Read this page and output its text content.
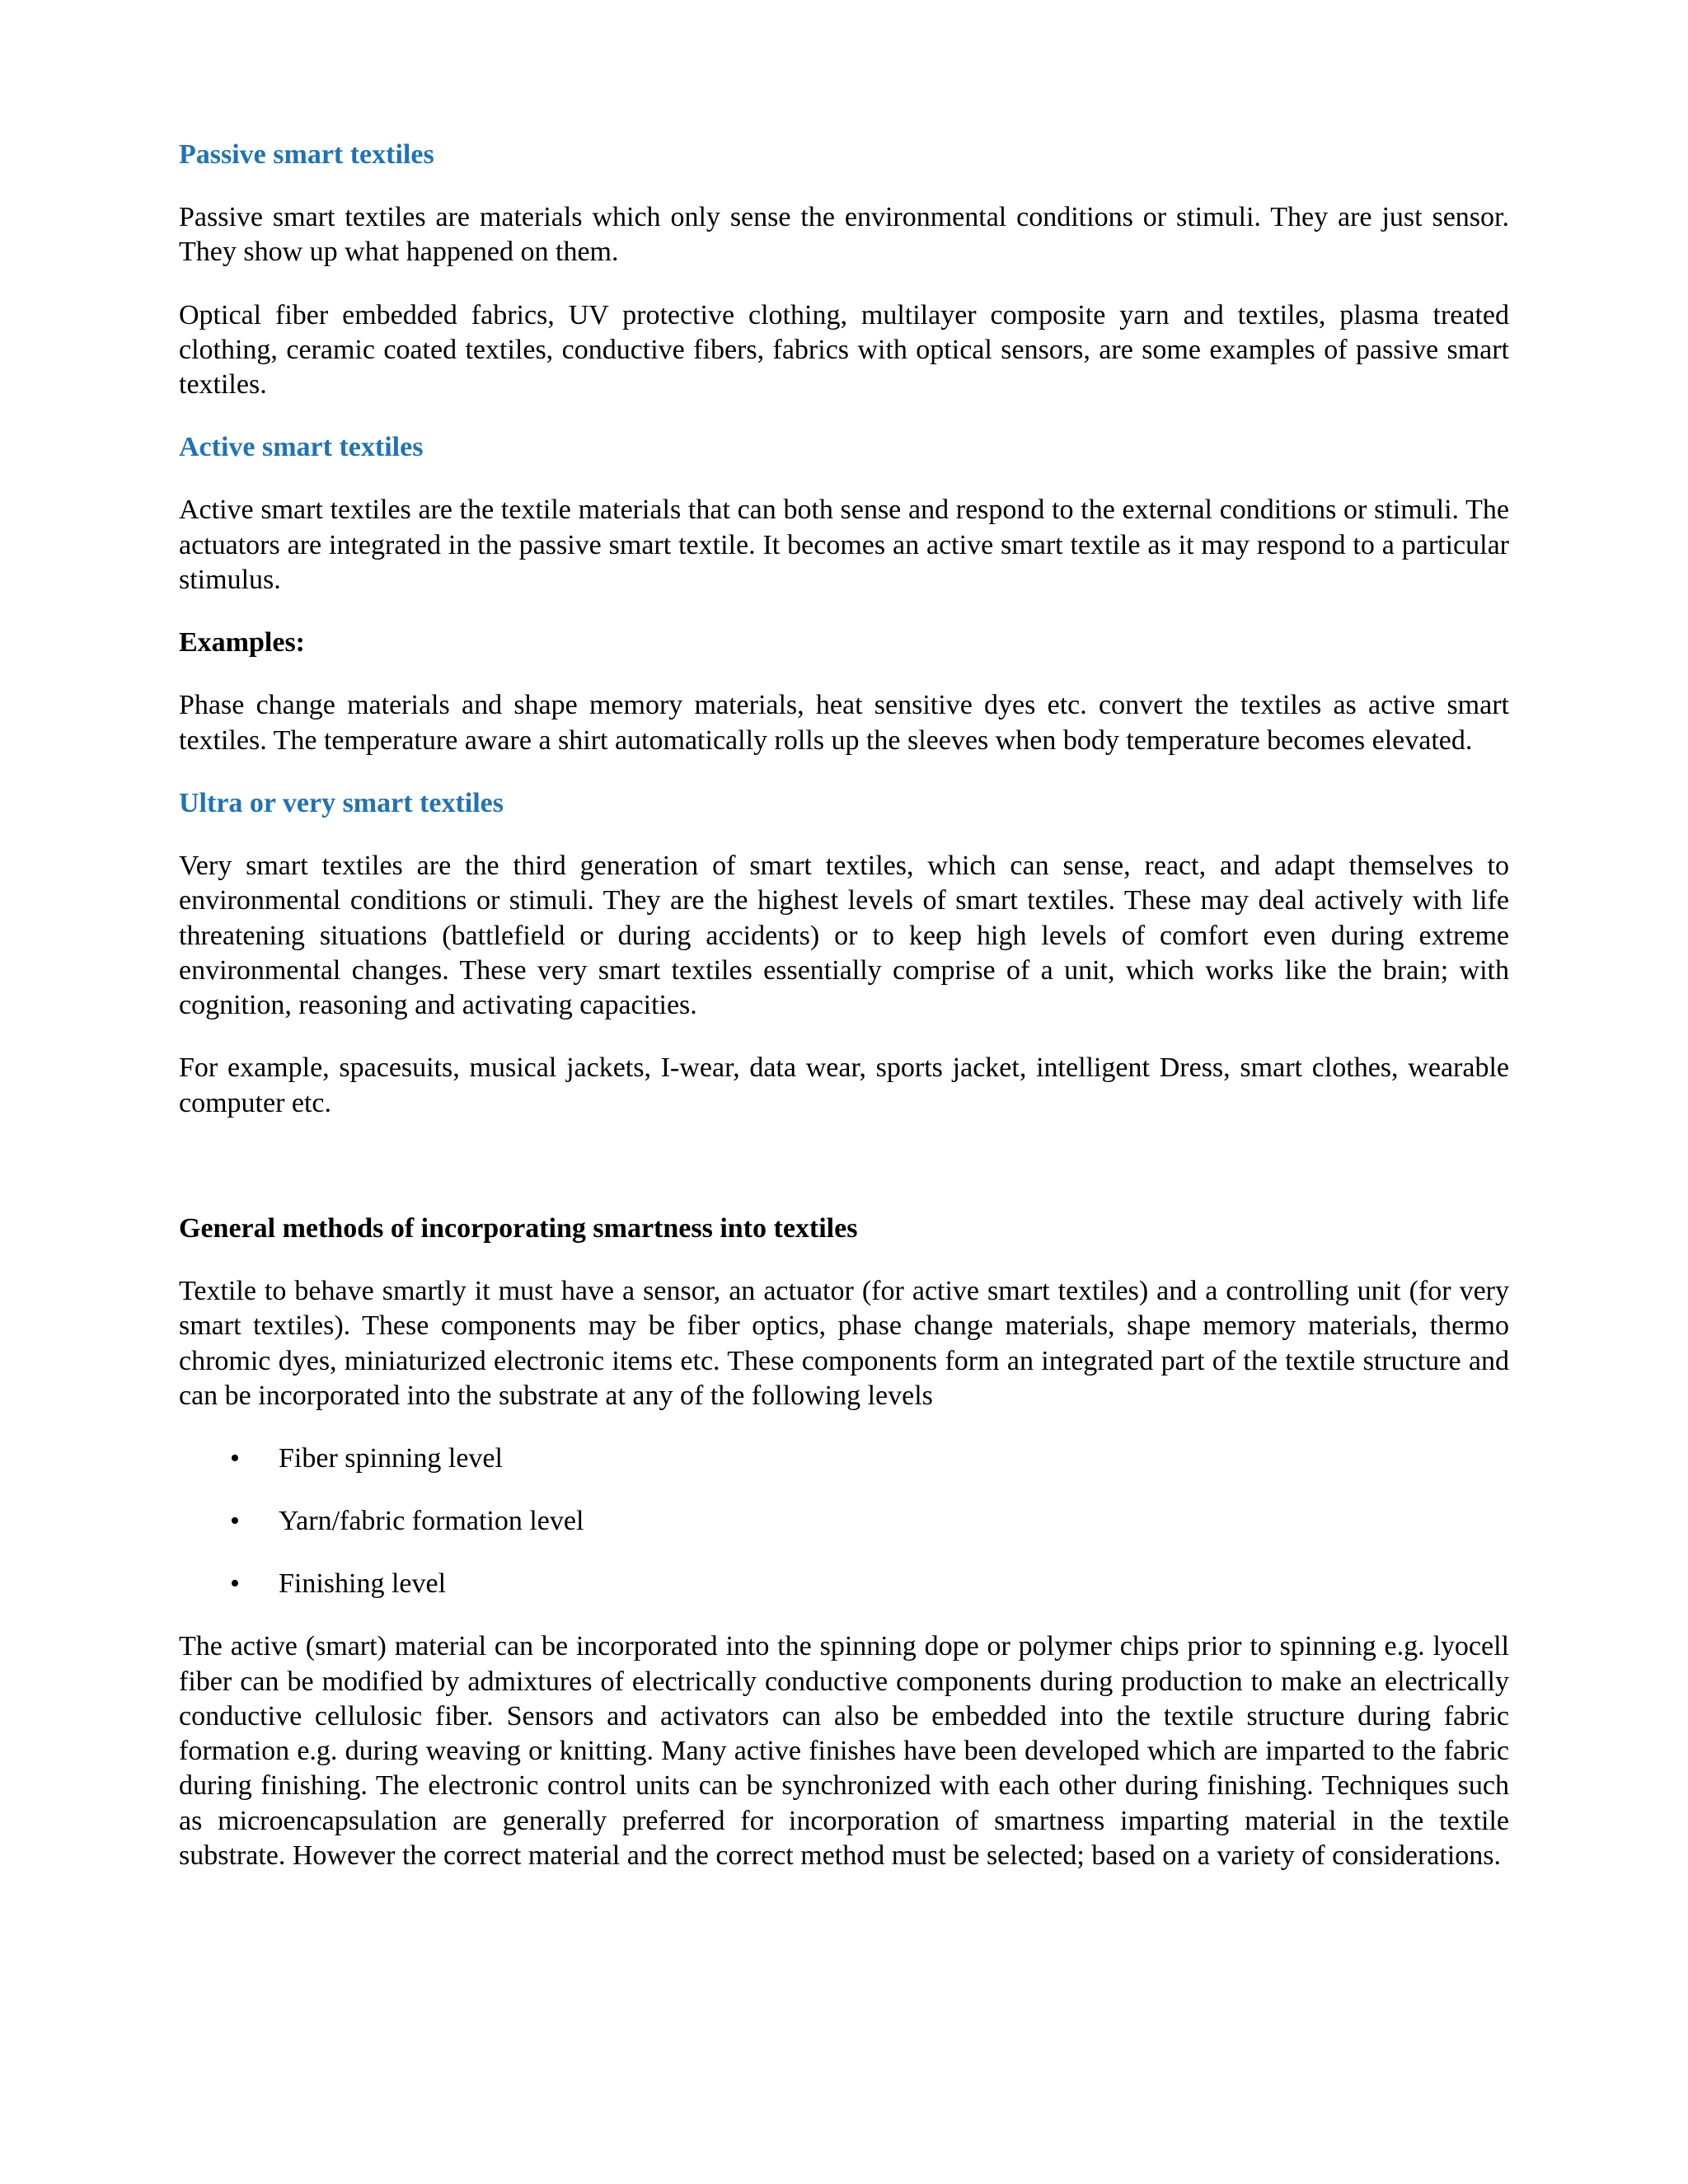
Passive smart textiles

Passive smart textiles are materials which only sense the environmental conditions or stimuli. They are just sensor. They show up what happened on them.

Optical fiber embedded fabrics, UV protective clothing, multilayer composite yarn and textiles, plasma treated clothing, ceramic coated textiles, conductive fibers, fabrics with optical sensors, are some examples of passive smart textiles.

Active smart textiles

Active smart textiles are the textile materials that can both sense and respond to the external conditions or stimuli. The actuators are integrated in the passive smart textile. It becomes an active smart textile as it may respond to a particular stimulus.

Examples:

Phase change materials and shape memory materials, heat sensitive dyes etc. convert the textiles as active smart textiles. The temperature aware a shirt automatically rolls up the sleeves when body temperature becomes elevated.

Ultra or very smart textiles

Very smart textiles are the third generation of smart textiles, which can sense, react, and adapt themselves to environmental conditions or stimuli. They are the highest levels of smart textiles. These may deal actively with life threatening situations (battlefield or during accidents) or to keep high levels of comfort even during extreme environmental changes. These very smart textiles essentially comprise of a unit, which works like the brain; with cognition, reasoning and activating capacities.

For example, spacesuits, musical jackets, I-wear, data wear, sports jacket, intelligent Dress, smart clothes, wearable computer etc.

General methods of incorporating smartness into textiles

Textile to behave smartly it must have a sensor, an actuator (for active smart textiles) and a controlling unit (for very smart textiles). These components may be fiber optics, phase change materials, shape memory materials, thermo chromic dyes, miniaturized electronic items etc. These components form an integrated part of the textile structure and can be incorporated into the substrate at any of the following levels

• Fiber spinning level
• Yarn/fabric formation level
• Finishing level

The active (smart) material can be incorporated into the spinning dope or polymer chips prior to spinning e.g. lyocell fiber can be modified by admixtures of electrically conductive components during production to make an electrically conductive cellulosic fiber. Sensors and activators can also be embedded into the textile structure during fabric formation e.g. during weaving or knitting. Many active finishes have been developed which are imparted to the fabric during finishing. The electronic control units can be synchronized with each other during finishing. Techniques such as microencapsulation are generally preferred for incorporation of smartness imparting material in the textile substrate. However the correct material and the correct method must be selected; based on a variety of considerations.
